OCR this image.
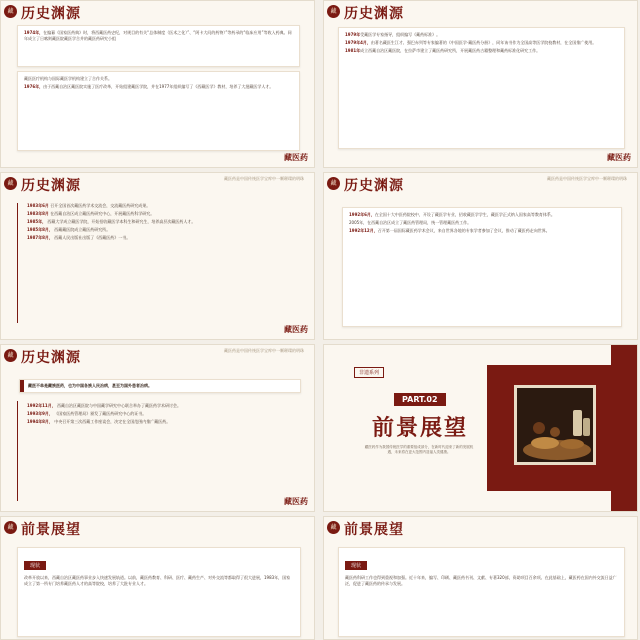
藏 历史渊源

1974年，在编纂《国家医药典》时，将西藏医药史纪，对规目的有关“总体制度（医术之化）”、“阿卡大问的药物）”等药录的“临床应用”等收入药典。同年成立了日喀则藏医院藏医学合并的藏医药研究小组

藏医医疗机构与国际藏医学机构建立了合作关系。

1976年，由于西藏自治区藏医院实施了医疗改革，开始组建藏医学院，并在1977年组织编写了《西藏医学》教材，培养了大批藏医学人才。

藏医药
藏 历史渊源

1979年受藏医学专家指导，组织编写《藏药标准》。

1979年4月，由著名藏医生江才、强巴赤列等专家编著的《中国医学·藏医药分册》，同年该书作为全国高等医学院校教材，在全国推广使用。

1981年成立西藏自治区藏医院，在拉萨市建立了藏医药研究所，开展藏医药古籍整理和藏药标准化研究工作。

藏医药
藏 历史渊源	藏医药是中国传统医学宝库中一颗璀璨的明珠

1983年6月 召开全国首次藏医药学术交流会，交流藏医药研究成果。

1983年8月 在西藏自治区成立藏医药研究中心，开展藏医药科学研究。

1985年， 西藏大学成立藏医学院，开始招收藏医学本科生和研究生，培养高层次藏医药人才。

1985年8月， 西藏藏医院成立藏医药研究所。

1987年8月， 西藏人民出版社出版了《西藏医药》一书。

藏医药
藏 历史渊源	藏医药是中国传统医学宝库中一颗璀璨的明珠

1992年6月，在全国十大中医药院校中，开设了藏医学专业，招收藏医学学生，藏医学正式纳入国家高等教育体系。

2005年，在西藏自治区成立了藏医药管理局，统一管理藏医药工作。

1992年12月，召开第一届国际藏医药学术会议，来自世界各地的专家学者参加了会议，推动了藏医药走向世界。

藏 历史渊源	藏医药是中国传统医学宝库中一颗璀璨的明珠

藏医不单是藏族医药，也为中国各族人民治病，甚至为国外患者治病。

1992年11月， 西藏自治区藏医院与中国藏学研究中心联合举办了藏医药学术研讨会。

1993年9月， 《国家医药管理局》颁发了藏医药研究中心的证书。

1994年8月， 中央召开第三次西藏工作座谈会，决定在全国范围内推广藏医药。

藏医药
非遗系列
PART.02
前景展望
藏医药作为我国传统医学的重要组成部分，在新时代迎来了新的发展机遇，未来将在更大范围内造福人类健康。
藏 前景展望
现状

改革开放以来，西藏自治区藏医药事业步入快速发展轨道。以前，藏医药教育、科研、医疗、藏药生产、对外交流等都取得了很大进展，1983年，国家成立了第一所专门培养藏医药人才的高等院校，培养了大批专业人才。

藏 前景展望
现状

藏医药科研工作也得到重视和加强。近十年来，编写、印刷、藏医药书刊、文献、专著320部，资助项目百余项。在此基础上，藏医药在国内外交流日益广泛，促进了藏医药的传承与发展。
